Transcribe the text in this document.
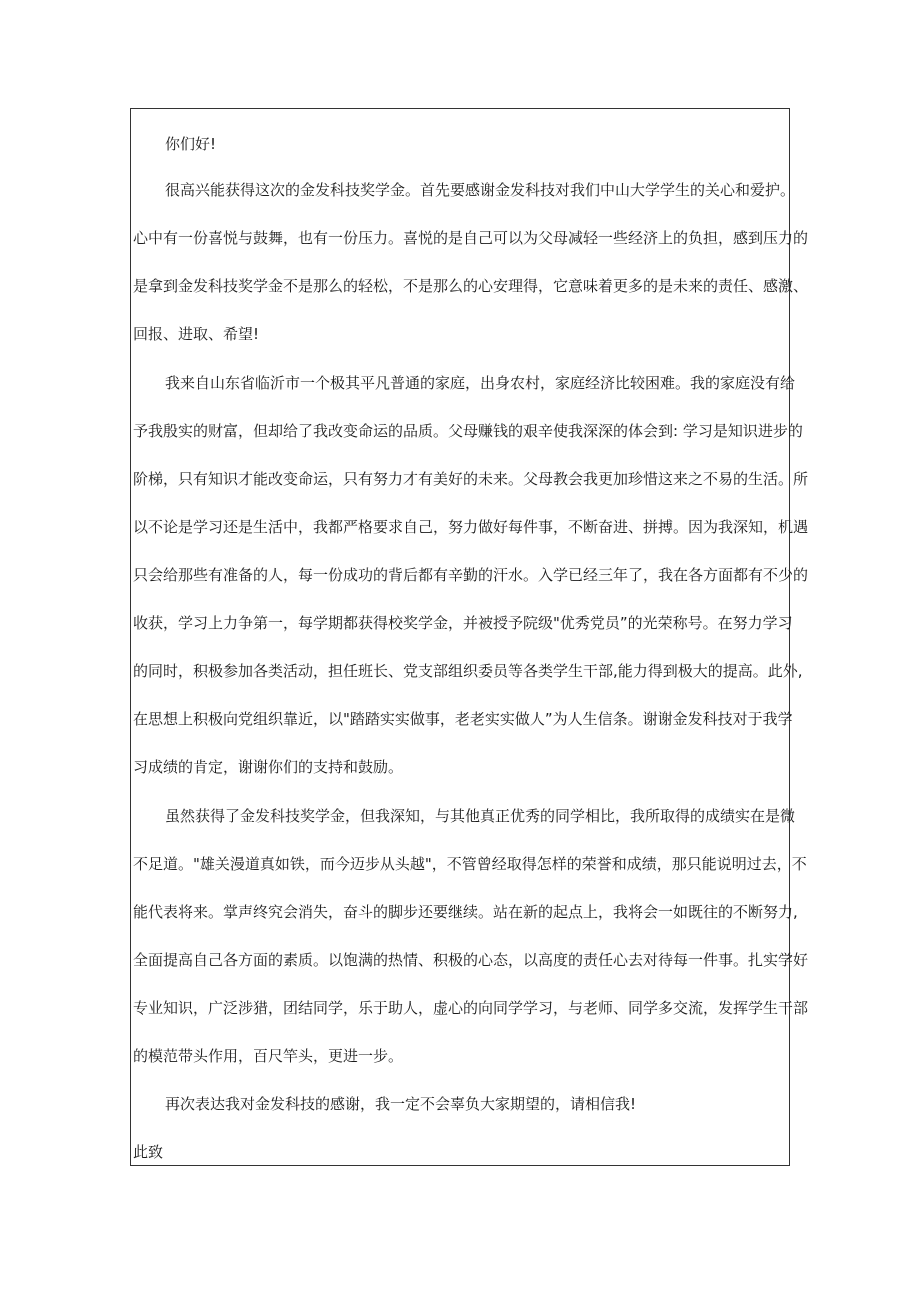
你们好!
很高兴能获得这次的金发科技奖学金。首先要感谢金发科技对我们中山大学学生的关心和爱护。
心中有一份喜悦与鼓舞，也有一份压力。喜悦的是自己可以为父母减轻一些经济上的负担，感到压力的
是拿到金发科技奖学金不是那么的轻松，不是那么的心安理得，它意味着更多的是未来的责任、感激、
回报、进取、希望!
我来自山东省临沂市一个极其平凡普通的家庭，出身农村，家庭经济比较困难。我的家庭没有给
予我殷实的财富，但却给了我改变命运的品质。父母赚钱的艰辛使我深深的体会到: 学习是知识进步的
阶梯，只有知识才能改变命运，只有努力才有美好的未来。父母教会我更加珍惜这来之不易的生活。所
以不论是学习还是生活中，我都严格要求自己，努力做好每件事，不断奋进、拼搏。因为我深知，机遇
只会给那些有准备的人，每一份成功的背后都有辛勤的汗水。入学已经三年了，我在各方面都有不少的
收获，学习上力争第一，每学期都获得校奖学金，并被授予院级"优秀党员”的光荣称号。在努力学习
的同时，积极参加各类活动，担任班长、党支部组织委员等各类学生干部,能力得到极大的提高。此外,
在思想上积极向党组织靠近，以"踏踏实实做事，老老实实做人”为人生信条。谢谢金发科技对于我学
习成绩的肯定，谢谢你们的支持和鼓励。
虽然获得了金发科技奖学金，但我深知，与其他真正优秀的同学相比，我所取得的成绩实在是微
不足道。"雄关漫道真如铁，而今迈步从头越"，不管曾经取得怎样的荣誉和成绩，那只能说明过去，不
能代表将来。掌声终究会消失，奋斗的脚步还要继续。站在新的起点上，我将会一如既往的不断努力,
全面提高自己各方面的素质。以饱满的热情、积极的心态，以高度的责任心去对待每一件事。扎实学好
专业知识，广泛涉猎，团结同学，乐于助人，虚心的向同学学习，与老师、同学多交流，发挥学生干部
的模范带头作用，百尺竿头，更进一步。
再次表达我对金发科技的感谢，我一定不会辜负大家期望的，请相信我!
此致
